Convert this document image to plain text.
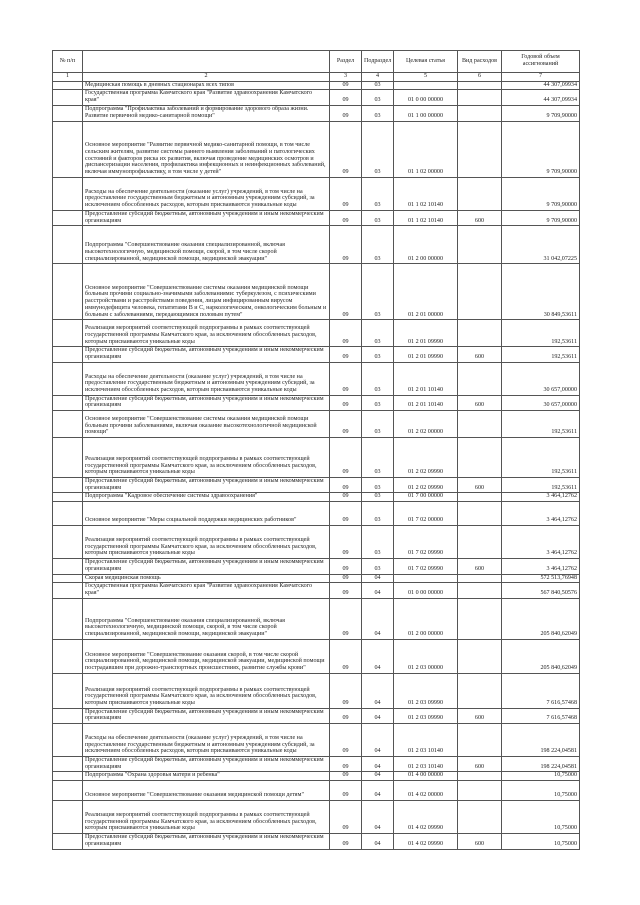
№ п/п		Раздел	Подраздел	Целевая статья	Вид расходов	Годовой объем ассигнований
1	2	3	4	5	6	7
	Медицинская помощь в дневных стационарах всех типов	09	03			44 307,09934
	Государственная программа Камчатского края "Развитие здравоохранения Камчатского края"	09	03	01 0 00 00000		44 307,09934
	Подпрограмма "Профилактика заболеваний и формирование здорового образа жизни. Развитие первичной медико-санитарной помощи"	09	03	01 1 00 00000		9 709,90000
	Основное мероприятие "Развитие первичной медико-санитарной помощи, в том числе сельским жителям, развитие системы раннего выявления заболеваний и патологических состояний и факторов риска их развития, включая проведение медицинских осмотров и диспансеризации населения, профилактика инфекционных и неинфекционных заболеваний, включая иммунопрофилактику, в том числе у детей"	09	03	01 1 02 00000		9 709,90000
	Расходы на обеспечение деятельности (оказание услуг) учреждений, в том числе на предоставление государственным бюджетным и автономным учреждениям субсидий, за исключением обособленных расходов, которым присваиваются уникальные коды	09	03	01 1 02 10140		9 709,90000
	Предоставление субсидий бюджетным, автономным учреждениям и иным некоммерческим организациям	09	03	01 1 02 10140	600	9 709,90000
	Подпрограмма "Совершенствование оказания специализированной, включая высокотехнологичную, медицинской помощи, скорой, в том числе скорой специализированной, медицинской помощи, медицинской эвакуации"	09	03	01 2 00 00000		31 042,07225
	Основное мероприятие "Совершенствование системы оказания медицинской помощи больным прочими социально-значимыми заболеваниями: туберкулезом, с психическими расстройствами и расстройствами поведения, лицам инфицированным вирусом иммунодефицита человека, гепатитами В и С, наркологическим, онкологическим больным и больным с заболеваниями, передающимися половым путем"	09	03	01 2 01 00000		30 849,53611
	Реализация мероприятий соответствующей подпрограммы в рамках соответствующей государственной программы Камчатского края, за исключением обособленных расходов, которым присваиваются уникальные коды	09	03	01 2 01 09990		192,53611
	Предоставление субсидий бюджетным, автономным учреждениям и иным некоммерческим организациям	09	03	01 2 01 09990	600	192,53611
	Расходы на обеспечение деятельности (оказание услуг) учреждений, в том числе на предоставление государственным бюджетным и автономным учреждениям субсидий, за исключением обособленных расходов, которым присваиваются уникальные коды	09	03	01 2 01 10140		30 657,00000
	Предоставление субсидий бюджетным, автономным учреждениям и иным некоммерческим организациям	09	03	01 2 01 10140	600	30 657,00000
	Основное мероприятие "Совершенствование системы оказания медицинской помощи больным прочими заболеваниями, включая оказание высокотехнологичной медицинской помощи"	09	03	01 2 02 00000		192,53611
	Реализация мероприятий соответствующей подпрограммы в рамках соответствующей государственной программы Камчатского края, за исключением обособленных расходов, которым присваиваются уникальные коды	09	03	01 2 02 09990		192,53611
	Предоставление субсидий бюджетным, автономным учреждениям и иным некоммерческим организациям	09	03	01 2 02 09990	600	192,53611
	Подпрограмма "Кадровое обеспечение системы здравоохранения"	09	03	01 7 00 00000		3 464,12762
	Основное мероприятие "Меры социальной поддержки медицинских работников"	09	03	01 7 02 00000		3 464,12762
	Реализация мероприятий соответствующей подпрограммы в рамках соответствующей государственной программы Камчатского края, за исключением обособленных расходов, которым присваиваются уникальные коды	09	03	01 7 02 09990		3 464,12762
	Предоставление субсидий бюджетным, автономным учреждениям и иным некоммерческим организациям	09	03	01 7 02 09990	600	3 464,12762
	Скорая медицинская помощь	09	04			572 513,76948
	Государственная программа Камчатского края "Развитие здравоохранения Камчатского края"	09	04	01 0 00 00000		567 840,50576
	Подпрограмма "Совершенствование оказания специализированной, включая высокотехнологичную, медицинской помощи, скорой, в том числе скорой специализированной, медицинской помощи, медицинской эвакуации"	09	04	01 2 00 00000		205 840,62049
	Основное мероприятие "Совершенствование оказания скорой, в том числе скорой специализированной, медицинской помощи, медицинской эвакуации, медицинской помощи пострадавшим при дорожно-транспортных происшествиях, развитие службы крови"	09	04	01 2 03 00000		205 840,62049
	Реализация мероприятий соответствующей подпрограммы в рамках соответствующей государственной программы Камчатского края, за исключением обособленных расходов, которым присваиваются уникальные коды	09	04	01 2 03 09990		7 616,57468
	Предоставление субсидий бюджетным, автономным учреждениям и иным некоммерческим организациям	09	04	01 2 03 09990	600	7 616,57468
	Расходы на обеспечение деятельности (оказание услуг) учреждений, в том числе на предоставление государственным бюджетным и автономным учреждениям субсидий, за исключением обособленных расходов, которым присваиваются уникальные коды	09	04	01 2 03 10140		198 224,04581
	Предоставление субсидий бюджетным, автономным учреждениям и иным некоммерческим организациям	09	04	01 2 03 10140	600	198 224,04581
	Подпрограмма "Охрана здоровья матери и ребенка"	09	04	01 4 00 00000		10,75000
	Основное мероприятие "Совершенствование оказания медицинской помощи детям"	09	04	01 4 02 00000		10,75000
	Реализация мероприятий соответствующей подпрограммы в рамках соответствующей государственной программы Камчатского края, за исключением обособленных расходов, которым присваиваются уникальные коды	09	04	01 4 02 09990		10,75000
	Предоставление субсидий бюджетным, автономным учреждениям и иным некоммерческим организациям	09	04	01 4 02 09990	600	10,75000
